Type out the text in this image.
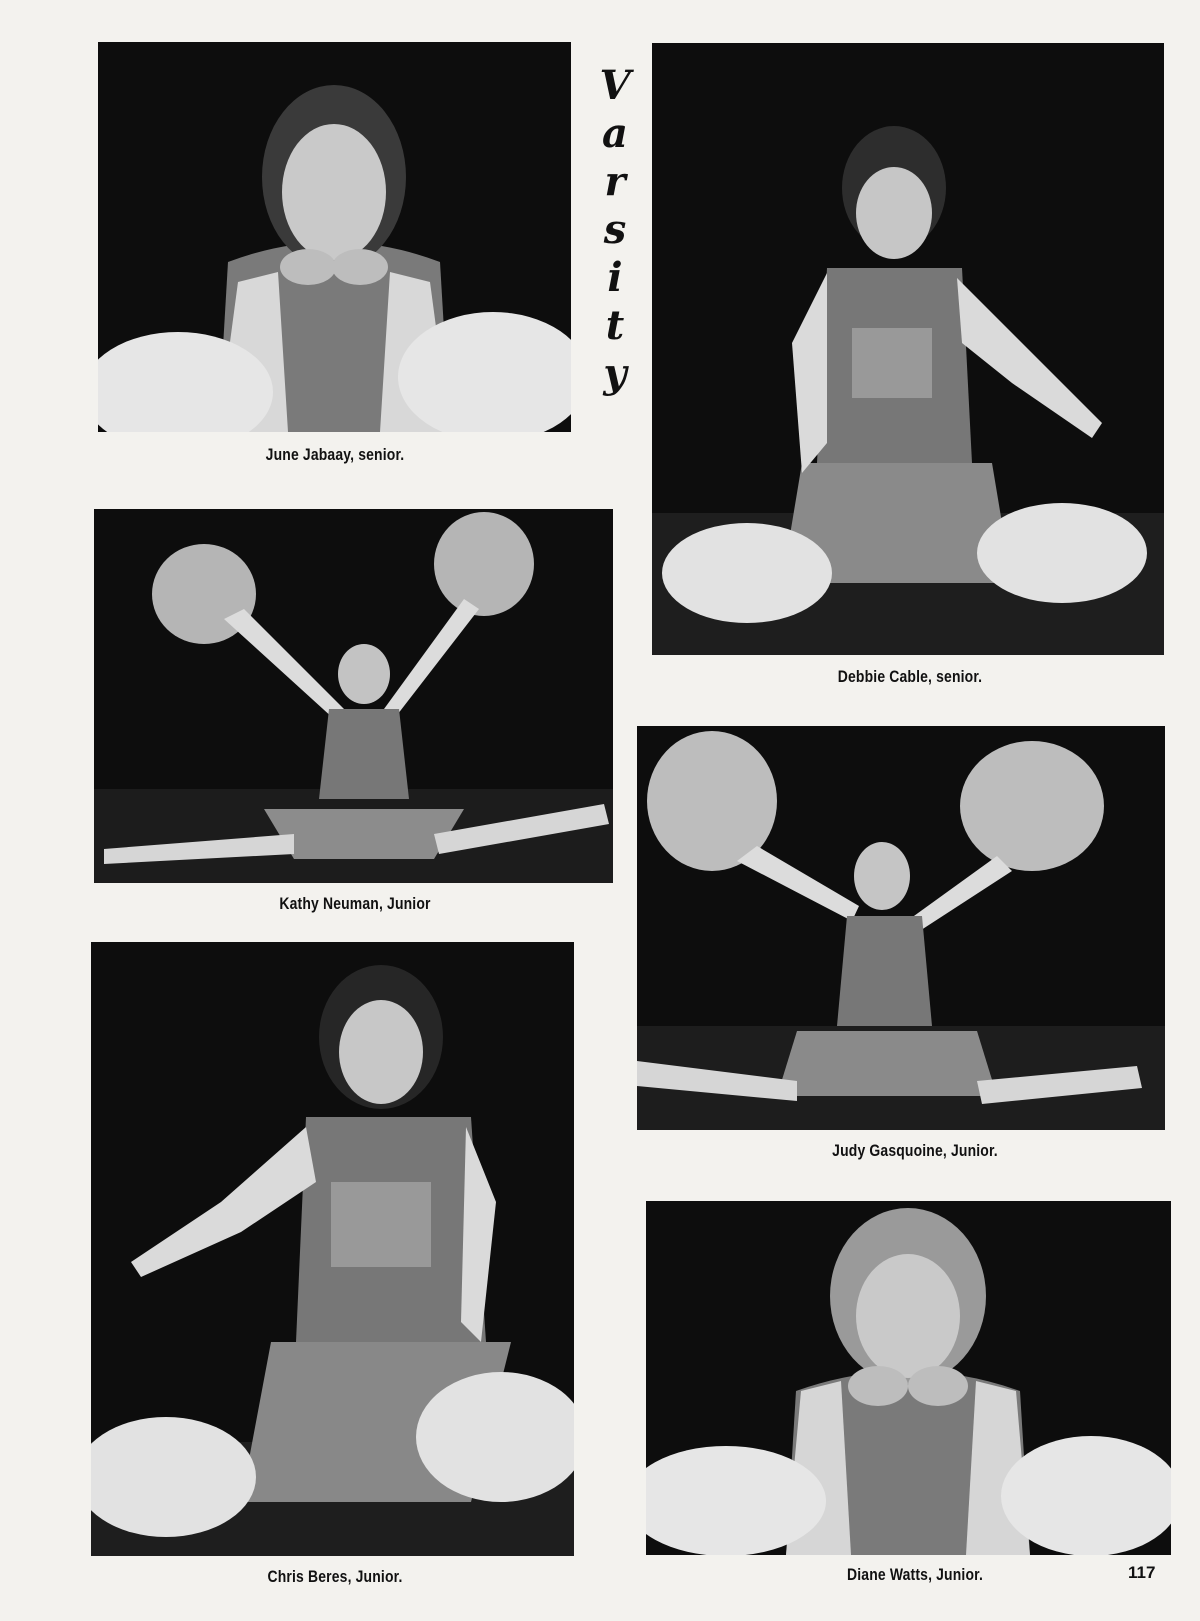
V
a
r
s
i
t
y
June Jabaay, senior.
Debbie Cable, senior.
Kathy Neuman, Junior
Judy Gasquoine, Junior.
Chris Beres, Junior.	Diane Watts, Junior.	117
